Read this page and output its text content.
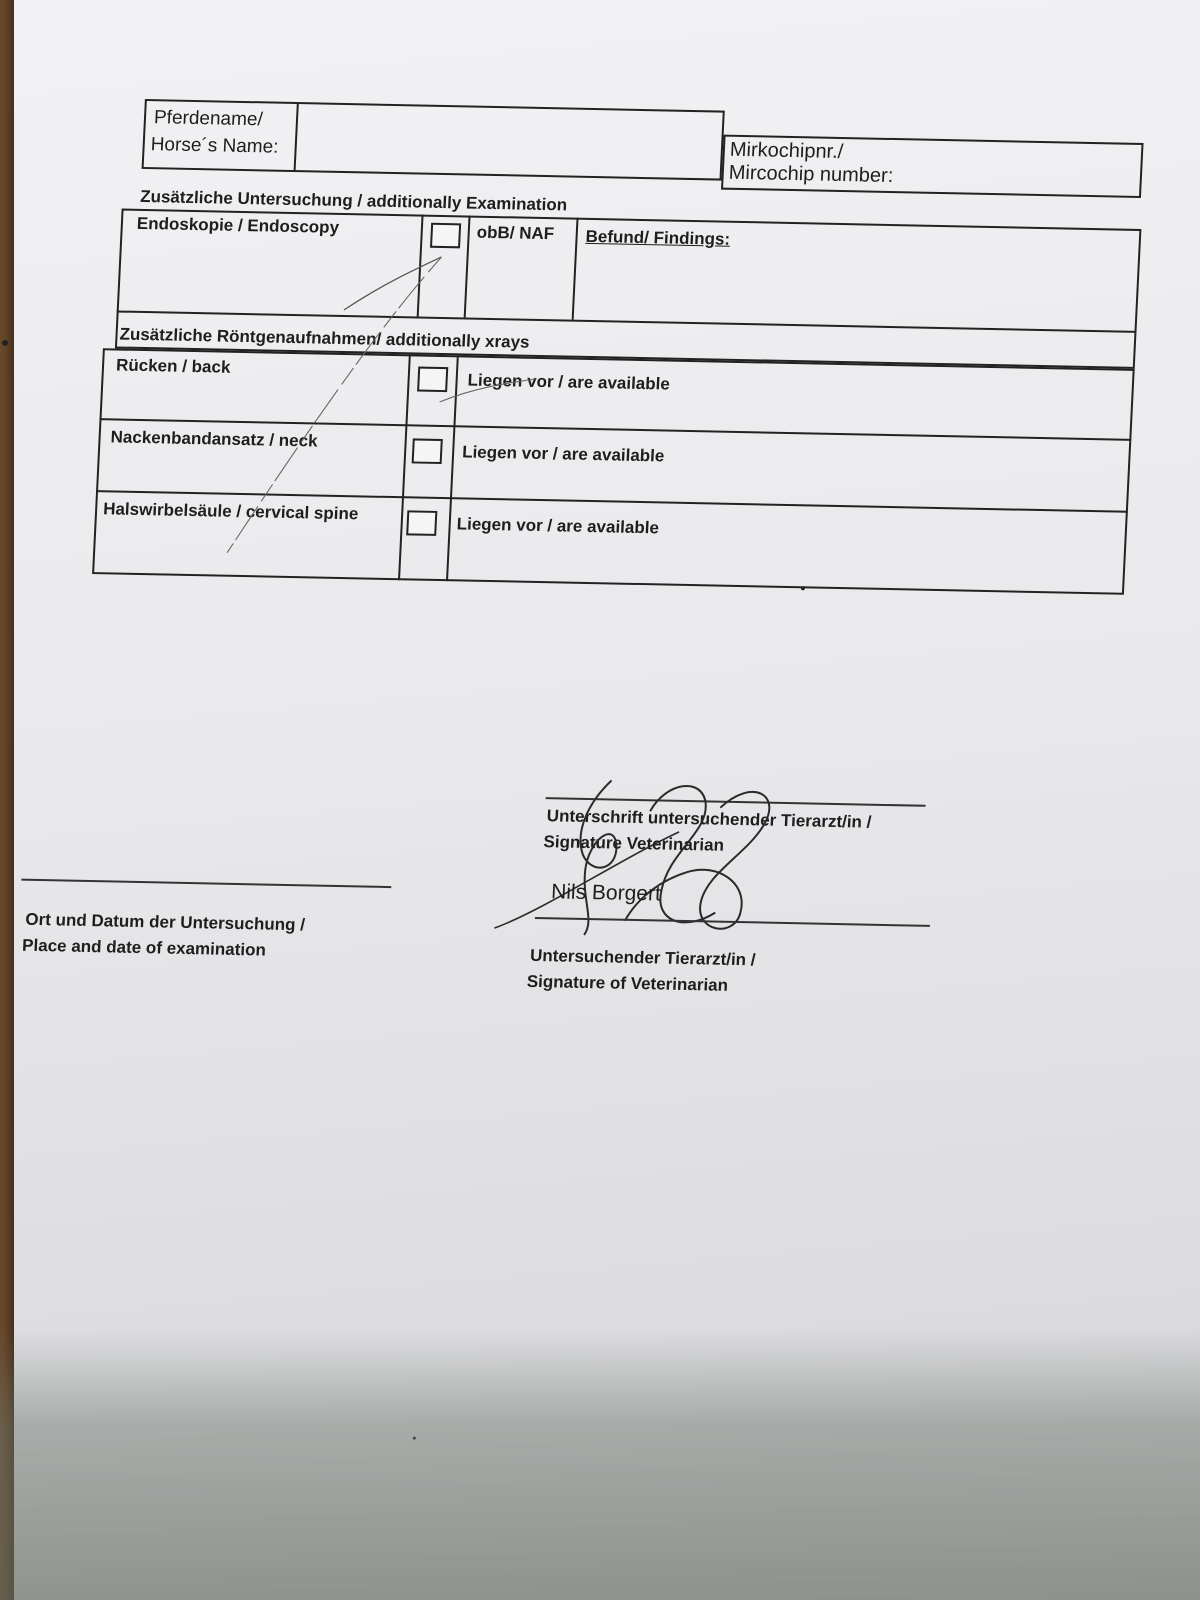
Pferdename/
Horse´s Name:	Mirkochipnr./
Mircochip number:
Zusätzliche Untersuchung / additionally Examination
Endoskopie / Endoscopy	obB/ NAF Befund/ Findings:
Zusätzliche Röntgenaufnahmen/ additionally xrays
Rücken / back
Liegen vor / are available
Nackenbandansatz / neck
Liegen vor / are available
Halswirbelsäule / cervical spine
Liegen vor / are available
Unterschrift untersuchender Tierarzt/in /
Signature Veterinarian
Nils Borgert
Untersuchender Tierarzt/in /
Signature of Veterinarian
Ort und Datum der Untersuchung /
Place and date of examination
